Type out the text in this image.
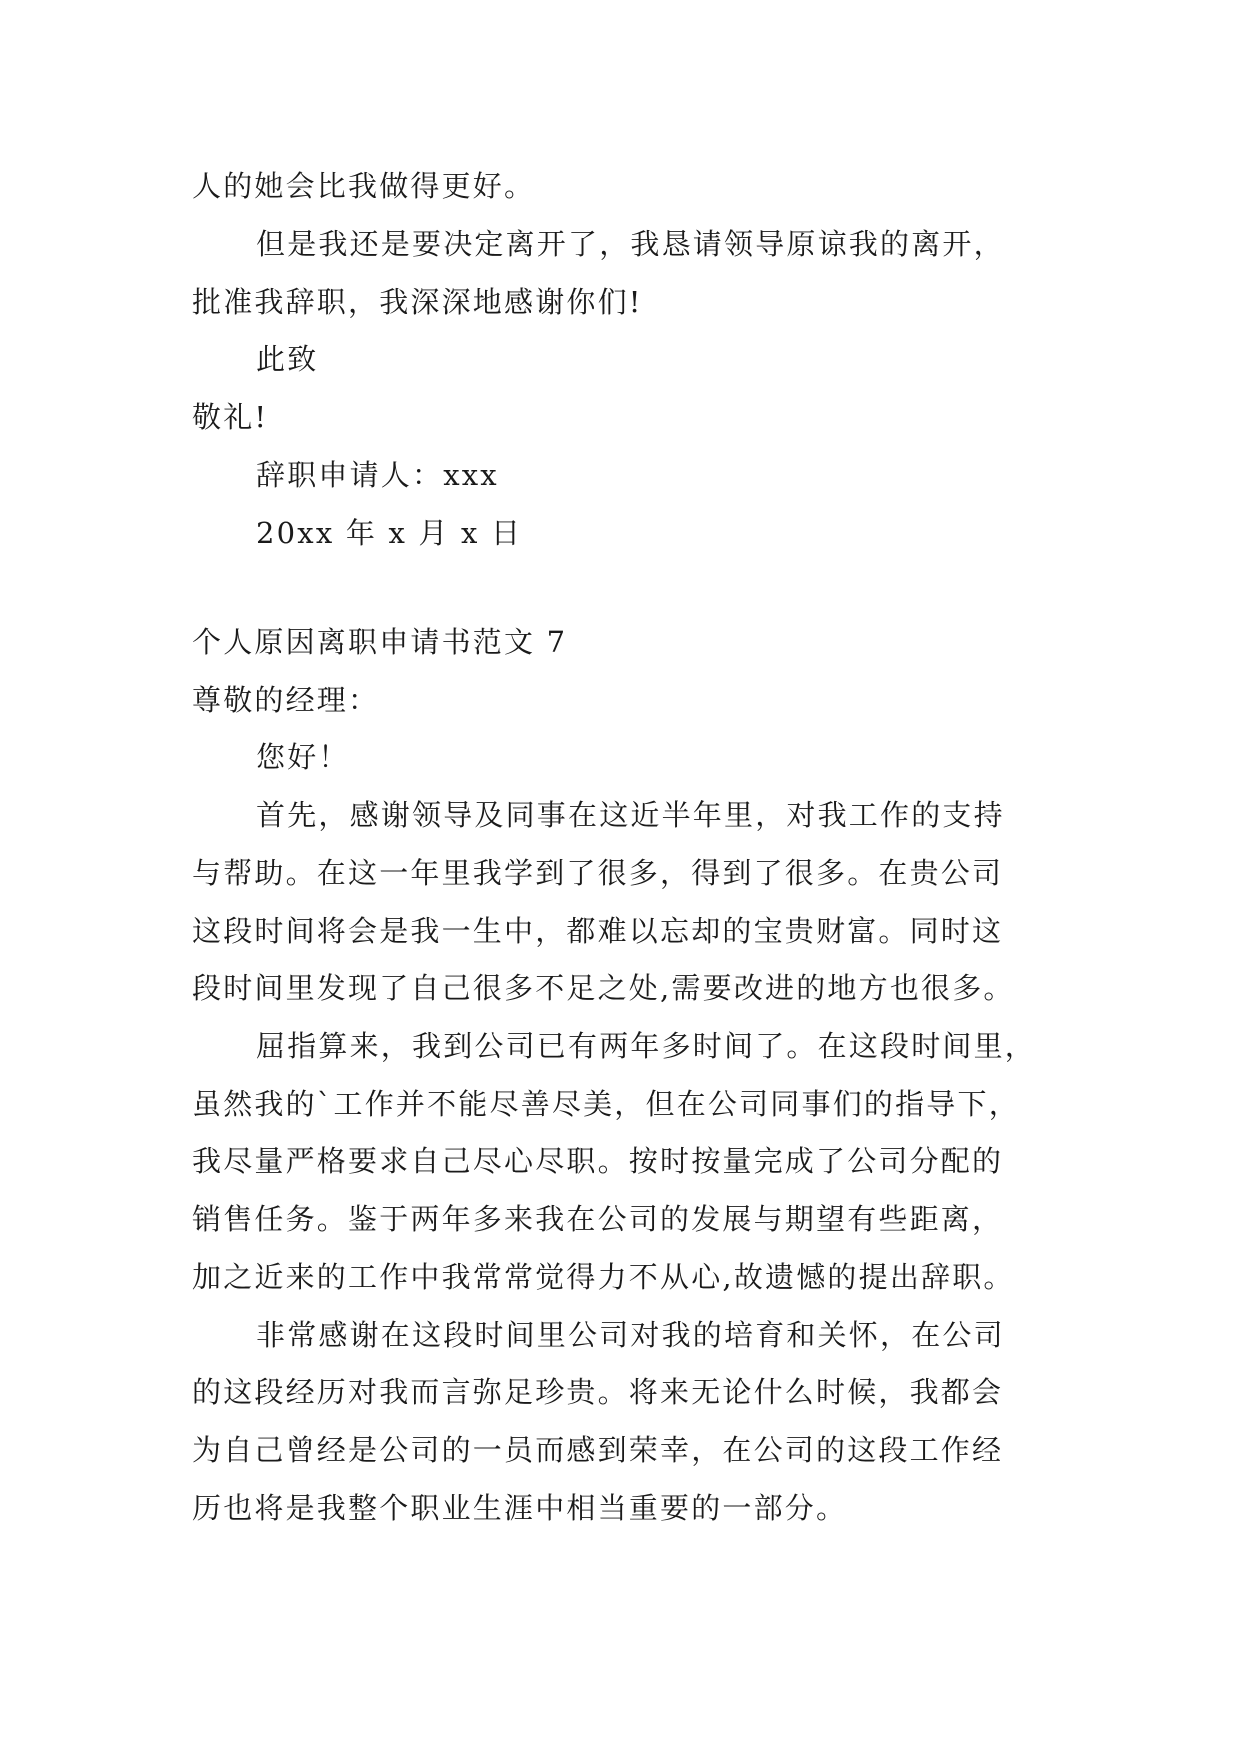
人的她会比我做得更好。
但是我还是要决定离开了，我恳请领导原谅我的离开，
批准我辞职，我深深地感谢你们!
此致
敬礼!
辞职申请人：xxx
20xx 年 x 月 x 日
个人原因离职申请书范文 7
尊敬的经理：
您好！
首先，感谢领导及同事在这近半年里，对我工作的支持
与帮助。在这一年里我学到了很多，得到了很多。在贵公司
这段时间将会是我一生中，都难以忘却的宝贵财富。同时这
段时间里发现了自己很多不足之处,需要改进的地方也很多。
屈指算来，我到公司已有两年多时间了。在这段时间里，
虽然我的`工作并不能尽善尽美，但在公司同事们的指导下，
我尽量严格要求自己尽心尽职。按时按量完成了公司分配的
销售任务。鉴于两年多来我在公司的发展与期望有些距离，
加之近来的工作中我常常觉得力不从心,故遗憾的提出辞职。
非常感谢在这段时间里公司对我的培育和关怀，在公司
的这段经历对我而言弥足珍贵。将来无论什么时候，我都会
为自己曾经是公司的一员而感到荣幸，在公司的这段工作经
历也将是我整个职业生涯中相当重要的一部分。
